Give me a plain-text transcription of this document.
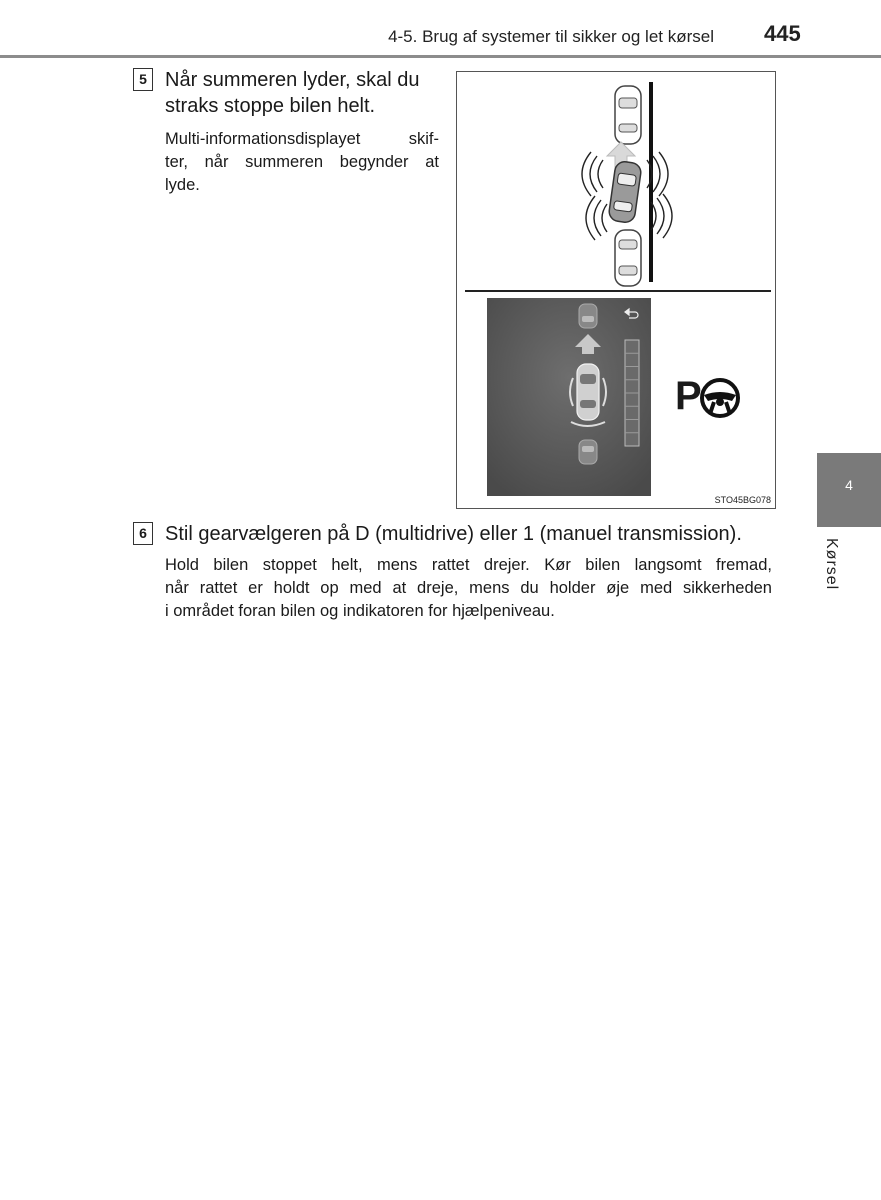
4-5. Brug af systemer til sikker og let kørsel 445
5 Når summeren lyder, skal du
straks stoppe bilen helt.
Multi-informationsdisplayet skif-
ter, når summeren begynder at
lyde.
P
STO45BG078
6 Stil gearvælgeren på D (multidrive) eller 1 (manuel transmission).
Hold bilen stoppet helt, mens rattet drejer. Kør bilen langsomt fremad,
når rattet er holdt op med at dreje, mens du holder øje med sikkerheden
i området foran bilen og indikatoren for hjælpeniveau.
4
Kørsel
